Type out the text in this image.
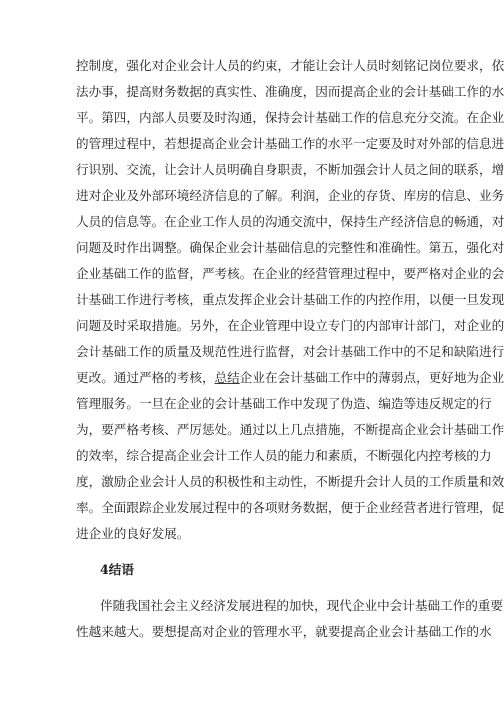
控制度，强化对企业会计人员的约束，才能让会计人员时刻铭记岗位要求，依
法办事，提高财务数据的真实性、准确度，因而提高企业的会计基础工作的水
平。第四，内部人员要及时沟通，保持会计基础工作的信息充分交流。在企业
的管理过程中，若想提高企业会计基础工作的水平一定要及时对外部的信息进
行识别、交流，让会计人员明确自身职责，不断加强会计人员之间的联系，增
进对企业及外部环境经济信息的了解。利润，企业的存货、库房的信息、业务
人员的信息等。在企业工作人员的沟通交流中，保持生产经济信息的畅通，对
问题及时作出调整。确保企业会计基础信息的完整性和准确性。第五，强化对
企业基础工作的监督，严考核。在企业的经营管理过程中，要严格对企业的会
计基础工作进行考核，重点发挥企业会计基础工作的内控作用，以便一旦发现
问题及时采取措施。另外，在企业管理中设立专门的内部审计部门，对企业的
会计基础工作的质量及规范性进行监督，对会计基础工作中的不足和缺陷进行
更改。通过严格的考核，总结企业在会计基础工作中的薄弱点，更好地为企业
管理服务。一旦在企业的会计基础工作中发现了伪造、编造等违反规定的行
为，要严格考核、严厉惩处。通过以上几点措施，不断提高企业会计基础工作
的效率，综合提高企业会计工作人员的能力和素质，不断强化内控考核的力
度，激励企业会计人员的积极性和主动性，不断提升会计人员的工作质量和效
率。全面跟踪企业发展过程中的各项财务数据，便于企业经营者进行管理，促
进企业的良好发展。
4结语
伴随我国社会主义经济发展进程的加快，现代企业中会计基础工作的重要
性越来越大。要想提高对企业的管理水平，就要提高企业会计基础工作的水
